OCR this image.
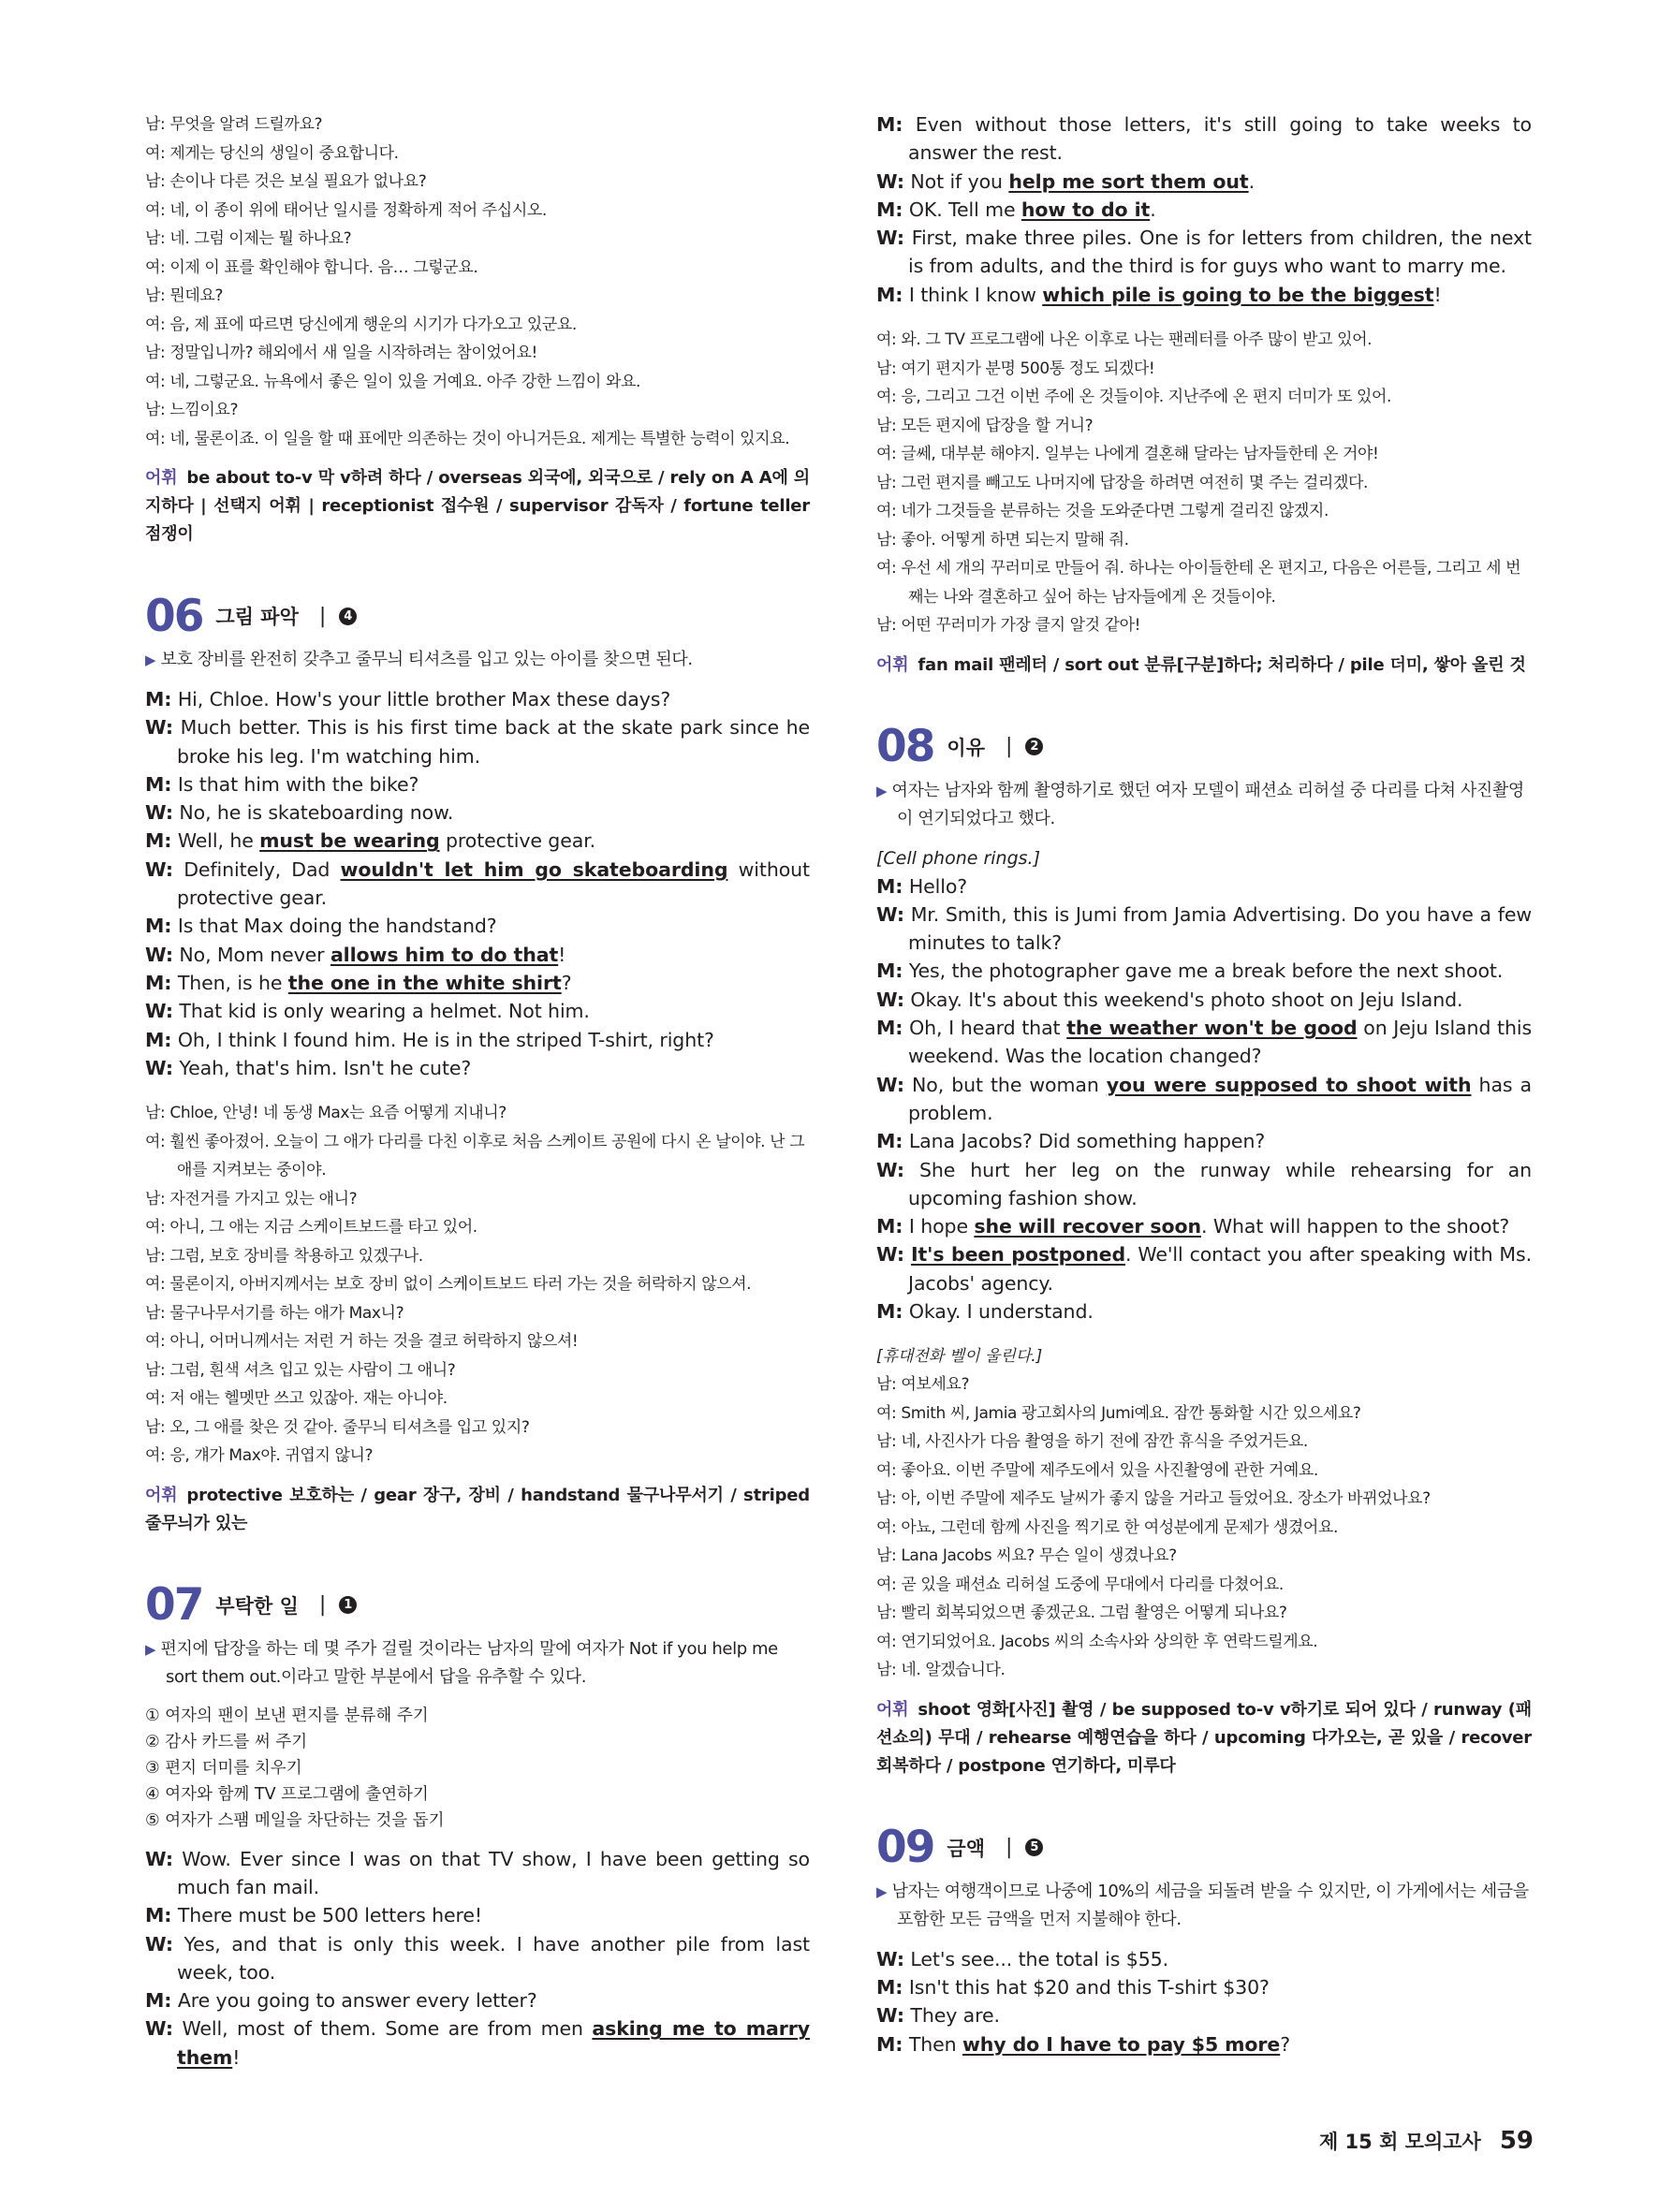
남: 무엇을 알려 드릴까요?
여: 제게는 당신의 생일이 중요합니다.
남: 손이나 다른 것은 보실 필요가 없나요?
여: 네, 이 종이 위에 태어난 일시를 정확하게 적어 주십시오.
남: 네. 그럼 이제는 뭘 하나요?
여: 이제 이 표를 확인해야 합니다. 음… 그렇군요.
남: 뭔데요?
여: 음, 제 표에 따르면 당신에게 행운의 시기가 다가오고 있군요.
남: 정말입니까? 해외에서 새 일을 시작하려는 참이었어요!
여: 네, 그렇군요. 뉴욕에서 좋은 일이 있을 거예요. 아주 강한 느낌이 와요.
남: 느낌이요?
여: 네, 물론이죠. 이 일을 할 때 표에만 의존하는 것이 아니거든요. 제게는 특별한 능력이 있지요.
어휘 be about to-v 막 v하려 하다 / overseas 외국에, 외국으로 / rely on A A에 의지하다 | 선택지 어휘 | receptionist 접수원 / supervisor 감독자 / fortune teller 점쟁이
06 그림 파악 |	4
▶ 보호 장비를 완전히 갖추고 줄무늬 티셔츠를 입고 있는 아이를 찾으면 된다.
M: Hi, Chloe. How's your little brother Max these days?
W: Much better. This is his first time back at the skate park since he broke his leg. I'm watching him.
M: Is that him with the bike?
W: No, he is skateboarding now.
M: Well, he must be wearing protective gear.
W: Definitely, Dad wouldn't let him go skateboarding without protective gear.
M: Is that Max doing the handstand?
W: No, Mom never allows him to do that!
M: Then, is he the one in the white shirt?
W: That kid is only wearing a helmet. Not him.
M: Oh, I think I found him. He is in the striped T-shirt, right?
W: Yeah, that's him. Isn't he cute?
남: Chloe, 안녕! 네 동생 Max는 요즘 어떻게 지내니?
여: 훨씬 좋아졌어. 오늘이 그 애가 다리를 다친 이후로 처음 스케이트 공원에 다시 온 날이야. 난 그 애를 지켜보는 중이야.
남: 자전거를 가지고 있는 애니?
여: 아니, 그 애는 지금 스케이트보드를 타고 있어.
남: 그럼, 보호 장비를 착용하고 있겠구나.
여: 물론이지, 아버지께서는 보호 장비 없이 스케이트보드 타러 가는 것을 허락하지 않으셔.
남: 물구나무서기를 하는 애가 Max니?
여: 아니, 어머니께서는 저런 거 하는 것을 결코 허락하지 않으셔!
남: 그럼, 흰색 셔츠 입고 있는 사람이 그 애니?
여: 저 애는 헬멧만 쓰고 있잖아. 재는 아니야.
남: 오, 그 애를 찾은 것 같아. 줄무늬 티셔츠를 입고 있지?
여: 응, 걔가 Max야. 귀엽지 않니?
어휘 protective 보호하는 / gear 장구, 장비 / handstand 물구나무서기 / striped 줄무늬가 있는
07 부탁한 일 |	1
▶ 편지에 답장을 하는 데 몇 주가 걸릴 것이라는 남자의 말에 여자가 Not if you help me sort them out.이라고 말한 부분에서 답을 유추할 수 있다.
① 여자의 팬이 보낸 편지를 분류해 주기
② 감사 카드를 써 주기
③ 편지 더미를 치우기
④ 여자와 함께 TV 프로그램에 출연하기
⑤ 여자가 스팸 메일을 차단하는 것을 돕기
W: Wow. Ever since I was on that TV show, I have been getting so much fan mail.
M: There must be 500 letters here!
W: Yes, and that is only this week. I have another pile from last week, too.
M: Are you going to answer every letter?
W: Well, most of them. Some are from men asking me to marry them!
M: Even without those letters, it's still going to take weeks to answer the rest.
W: Not if you help me sort them out.
M: OK. Tell me how to do it.
W: First, make three piles. One is for letters from children, the next is from adults, and the third is for guys who want to marry me.
M: I think I know which pile is going to be the biggest!
여: 와. 그 TV 프로그램에 나온 이후로 나는 팬레터를 아주 많이 받고 있어.
남: 여기 편지가 분명 500통 정도 되겠다!
여: 응, 그리고 그건 이번 주에 온 것들이야. 지난주에 온 편지 더미가 또 있어.
남: 모든 편지에 답장을 할 거니?
여: 글쎄, 대부분 해야지. 일부는 나에게 결혼해 달라는 남자들한테 온 거야!
남: 그런 편지를 빼고도 나머지에 답장을 하려면 여전히 몇 주는 걸리겠다.
여: 네가 그것들을 분류하는 것을 도와준다면 그렇게 걸리진 않겠지.
남: 좋아. 어떻게 하면 되는지 말해 줘.
여: 우선 세 개의 꾸러미로 만들어 줘. 하나는 아이들한테 온 편지고, 다음은 어른들, 그리고 세 번째는 나와 결혼하고 싶어 하는 남자들에게 온 것들이야.
남: 어떤 꾸러미가 가장 클지 알것 같아!
어휘 fan mail 팬레터 / sort out 분류[구분]하다; 처리하다 / pile 더미, 쌓아 올린 것
08 이유 |	2
▶ 여자는 남자와 함께 촬영하기로 했던 여자 모델이 패션쇼 리허설 중 다리를 다쳐 사진촬영이 연기되었다고 했다.
[Cell phone rings.]
M: Hello?
W: Mr. Smith, this is Jumi from Jamia Advertising. Do you have a few minutes to talk?
M: Yes, the photographer gave me a break before the next shoot.
W: Okay. It's about this weekend's photo shoot on Jeju Island.
M: Oh, I heard that the weather won't be good on Jeju Island this weekend. Was the location changed?
W: No, but the woman you were supposed to shoot with has a problem.
M: Lana Jacobs? Did something happen?
W: She hurt her leg on the runway while rehearsing for an upcoming fashion show.
M: I hope she will recover soon. What will happen to the shoot?
W: It's been postponed. We'll contact you after speaking with Ms. Jacobs' agency.
M: Okay. I understand.
[휴대전화 벨이 울린다.]
남: 여보세요?
여: Smith 씨, Jamia 광고회사의 Jumi예요. 잠깐 통화할 시간 있으세요?
남: 네, 사진사가 다음 촬영을 하기 전에 잠깐 휴식을 주었거든요.
여: 좋아요. 이번 주말에 제주도에서 있을 사진촬영에 관한 거예요.
남: 아, 이번 주말에 제주도 날씨가 좋지 않을 거라고 들었어요. 장소가 바뀌었나요?
여: 아뇨, 그런데 함께 사진을 찍기로 한 여성분에게 문제가 생겼어요.
남: Lana Jacobs 씨요? 무슨 일이 생겼나요?
여: 곧 있을 패션쇼 리허설 도중에 무대에서 다리를 다쳤어요.
남: 빨리 회복되었으면 좋겠군요. 그럼 촬영은 어떻게 되나요?
여: 연기되었어요. Jacobs 씨의 소속사와 상의한 후 연락드릴게요.
남: 네. 알겠습니다.
어휘 shoot 영화[사진] 촬영 / be supposed to-v v하기로 되어 있다 / runway (패션쇼의) 무대 / rehearse 예행연습을 하다 / upcoming 다가오는, 곧 있을 / recover 회복하다 / postpone 연기하다, 미루다
09 금액 |	5
▶ 남자는 여행객이므로 나중에 10%의 세금을 되돌려 받을 수 있지만, 이 가게에서는 세금을 포함한 모든 금액을 먼저 지불해야 한다.
W: Let's see... the total is $55.
M: Isn't this hat $20 and this T-shirt $30?
W: They are.
M: Then why do I have to pay $5 more?
제 15 회 모의고사 59
